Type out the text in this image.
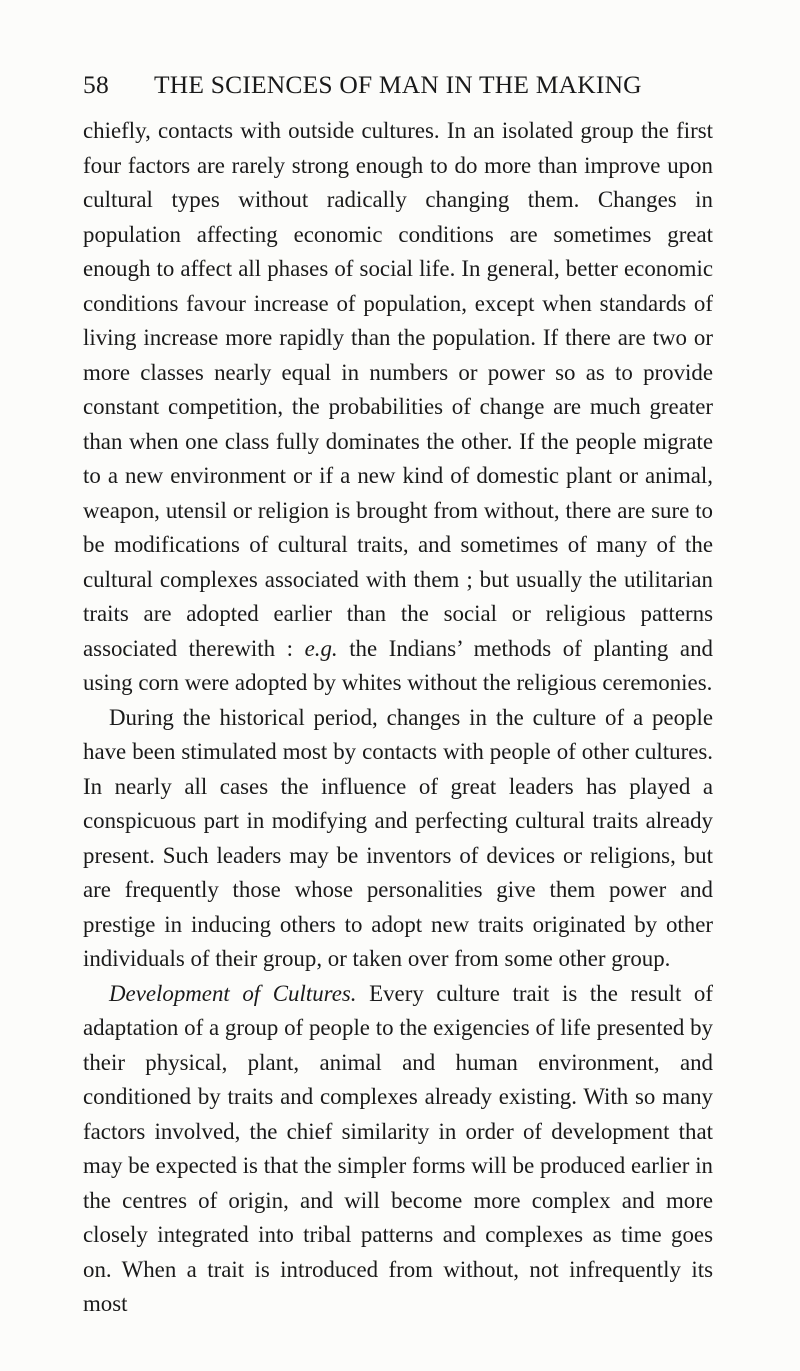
58	THE SCIENCES OF MAN IN THE MAKING

chiefly, contacts with outside cultures. In an isolated group the first four factors are rarely strong enough to do more than improve upon cultural types without radically changing them. Changes in population affecting economic conditions are sometimes great enough to affect all phases of social life. In general, better economic conditions favour increase of population, except when standards of living increase more rapidly than the population. If there are two or more classes nearly equal in numbers or power so as to provide constant competition, the probabilities of change are much greater than when one class fully dominates the other. If the people migrate to a new environment or if a new kind of domestic plant or animal, weapon, utensil or religion is brought from without, there are sure to be modifications of cultural traits, and sometimes of many of the cultural complexes associated with them ; but usually the utilitarian traits are adopted earlier than the social or religious patterns associated therewith : e.g. the Indians’ methods of planting and using corn were adopted by whites without the religious ceremonies.

During the historical period, changes in the culture of a people have been stimulated most by contacts with people of other cultures. In nearly all cases the influence of great leaders has played a conspicuous part in modifying and perfecting cultural traits already present. Such leaders may be inventors of devices or religions, but are frequently those whose personalities give them power and prestige in inducing others to adopt new traits originated by other individuals of their group, or taken over from some other group.

Development of Cultures. Every culture trait is the result of adaptation of a group of people to the exigencies of life presented by their physical, plant, animal and human environment, and conditioned by traits and complexes already existing. With so many factors involved, the chief similarity in order of development that may be expected is that the simpler forms will be produced earlier in the centres of origin, and will become more complex and more closely integrated into tribal patterns and complexes as time goes on. When a trait is introduced from without, not infrequently its most
